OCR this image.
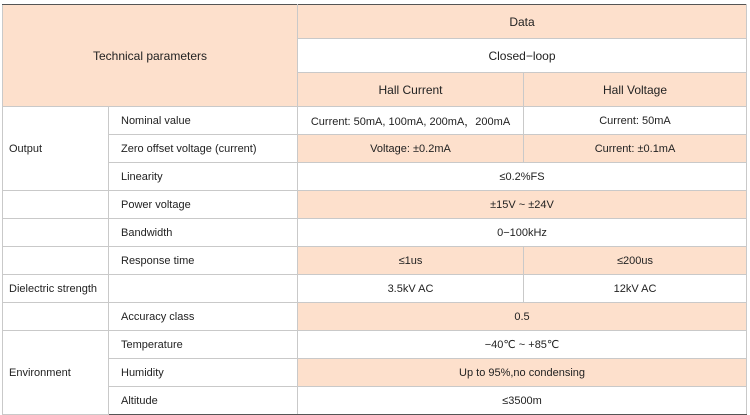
Technical parameters		Data	
		Closed−loop	
		Hall Current	Hall Voltage
Output	Nominal value	Current: 50mA, 100mA, 200mA，200mA	Current: 50mA
	Zero offset voltage (current)	Voltage: ±0.2mA	Current: ±0.1mA
	Linearity	≤0.2%FS	
	Power voltage	±15V ~ ±24V	
	Bandwidth	0−100kHz	
	Response time	≤1us	≤200us
Dielectric strength		3.5kV AC	12kV AC
	Accuracy class	0.5	
Environment	Temperature	−40℃ ~ +85℃	
	Humidity	Up to 95%,no condensing	
	Altitude	≤3500m	
